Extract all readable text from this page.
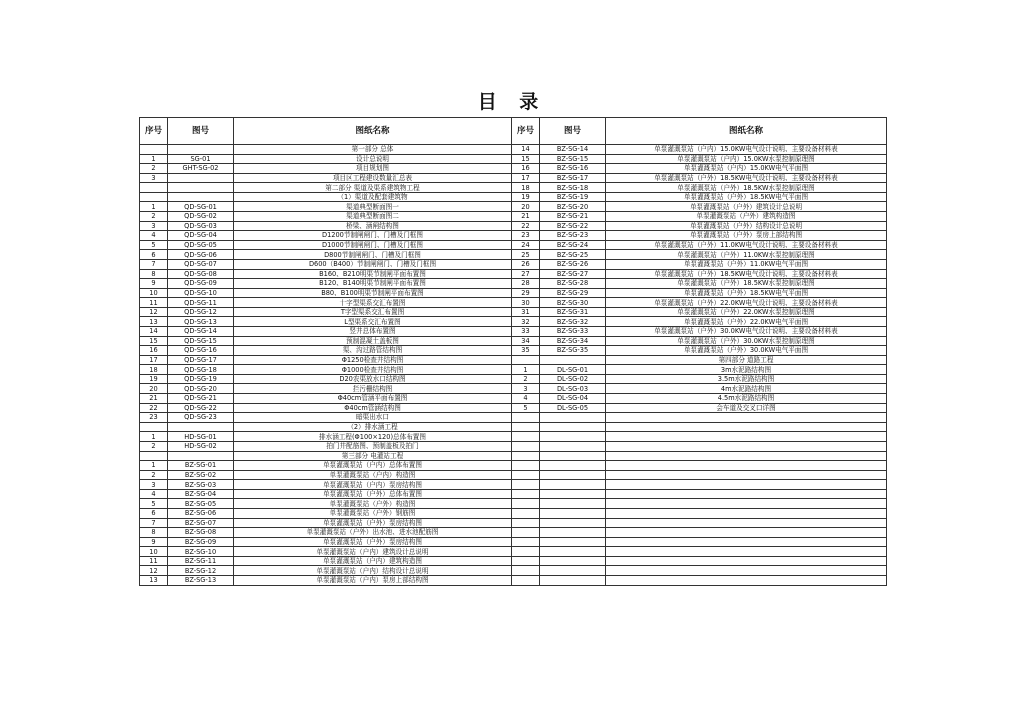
目 录
序号	图号	图纸名称	序号	图号	图纸名称
		第一部分 总体	14	BZ-SG-14	单泵灌溉泵站（户内）15.0KW电气设计说明、主要设备材料表
1	SG-01	设计总说明	15	BZ-SG-15	单泵灌溉泵站（户内）15.0KW水泵控制原理图
2	GHT-SG-02	项目规划图	16	BZ-SG-16	单泵灌溉泵站（户内）15.0KW电气平面图
3		项目区工程建设数量汇总表	17	BZ-SG-17	单泵灌溉泵站（户外）18.5KW电气设计说明、主要设备材料表
		第二部分 渠道及渠系建筑物工程	18	BZ-SG-18	单泵灌溉泵站（户外）18.5KW水泵控制原理图
		（1）渠道及配套建筑物	19	BZ-SG-19	单泵灌溉泵站（户外）18.5KW电气平面图
1	QD-SG-01	渠道典型断面图一	20	BZ-SG-20	单泵灌溉泵站（户外）建筑设计总说明
2	QD-SG-02	渠道典型断面图二	21	BZ-SG-21	单泵灌溉泵站（户外）建筑构造图
3	QD-SG-03	桥梁、涵闸结构图	22	BZ-SG-22	单泵灌溉泵站（户外）结构设计总说明
4	QD-SG-04	D1200节制闸闸门、门槽及门框图	23	BZ-SG-23	单泵灌溉泵站（户外）泵房上部结构图
5	QD-SG-05	D1000节制闸闸门、门槽及门框图	24	BZ-SG-24	单泵灌溉泵站（户外）11.0KW电气设计说明、主要设备材料表
6	QD-SG-06	D800节制闸闸门、门槽及门框图	25	BZ-SG-25	单泵灌溉泵站（户外）11.0KW水泵控制原理图
7	QD-SG-07	D600（B400）节制闸闸门、门槽及门框图	26	BZ-SG-26	单泵灌溉泵站（户外）11.0KW电气平面图
8	QD-SG-08	B160、B210明渠节制闸平面布置图	27	BZ-SG-27	单泵灌溉泵站（户外）18.5KW电气设计说明、主要设备材料表
9	QD-SG-09	B120、B140明渠节制闸平面布置图	28	BZ-SG-28	单泵灌溉泵站（户外）18.5KW水泵控制原理图
10	QD-SG-10	B80、B100明渠节制闸平面布置图	29	BZ-SG-29	单泵灌溉泵站（户外）18.5KW电气平面图
11	QD-SG-11	十字型渠系交汇布置图	30	BZ-SG-30	单泵灌溉泵站（户外）22.0KW电气设计说明、主要设备材料表
12	QD-SG-12	T字型渠系交汇布置图	31	BZ-SG-31	单泵灌溉泵站（户外）22.0KW水泵控制原理图
13	QD-SG-13	L型渠系交汇布置图	32	BZ-SG-32	单泵灌溉泵站（户外）22.0KW电气平面图
14	QD-SG-14	竖井总体布置图	33	BZ-SG-33	单泵灌溉泵站（户外）30.0KW电气设计说明、主要设备材料表
15	QD-SG-15	预制混凝土盖板图	34	BZ-SG-34	单泵灌溉泵站（户外）30.0KW水泵控制原理图
16	QD-SG-16	渠、沟过路管结构图	35	BZ-SG-35	单泵灌溉泵站（户外）30.0KW电气平面图
17	QD-SG-17	Φ1250检查井结构图			第四部分 道路工程
18	QD-SG-18	Φ1000检查井结构图	1	DL-SG-01	3m水泥路结构图
19	QD-SG-19	D20农渠放水口结构图	2	DL-SG-02	3.5m水泥路结构图
20	QD-SG-20	拦污栅结构图	3	DL-SG-03	4m水泥路结构图
21	QD-SG-21	Φ40cm管涵平面布置图	4	DL-SG-04	4.5m水泥路结构图
22	QD-SG-22	Φ40cm管涵结构图	5	DL-SG-05	会车道及交叉口详图
23	QD-SG-23	暗渠出水口			
		（2）排水涵工程			
1	HD-SG-01	排水涵工程(Φ100×120)总体布置图			
2	HD-SG-02	拍门井配筋图、预制盖板及拍门			
		第三部分 电灌站工程			
1	BZ-SG-01	单泵灌溉泵站（户内）总体布置图			
2	BZ-SG-02	单泵灌溉泵站（户内）构造图			
3	BZ-SG-03	单泵灌溉泵站（户内）泵房结构图			
4	BZ-SG-04	单泵灌溉泵站（户外）总体布置图			
5	BZ-SG-05	单泵灌溉泵站（户外）构造图			
6	BZ-SG-06	单泵灌溉泵站（户外）钢筋图			
7	BZ-SG-07	单泵灌溉泵站（户外）泵房结构图			
8	BZ-SG-08	单泵灌溉泵站（户外）出水池、进水池配筋图			
9	BZ-SG-09	单泵灌溉泵站（户外）泵房结构图			
10	BZ-SG-10	单泵灌溉泵站（户内）建筑设计总说明			
11	BZ-SG-11	单泵灌溉泵站（户内）建筑构造图			
12	BZ-SG-12	单泵灌溉泵站（户内）结构设计总说明			
13	BZ-SG-13	单泵灌溉泵站（户内）泵房上部结构图			
